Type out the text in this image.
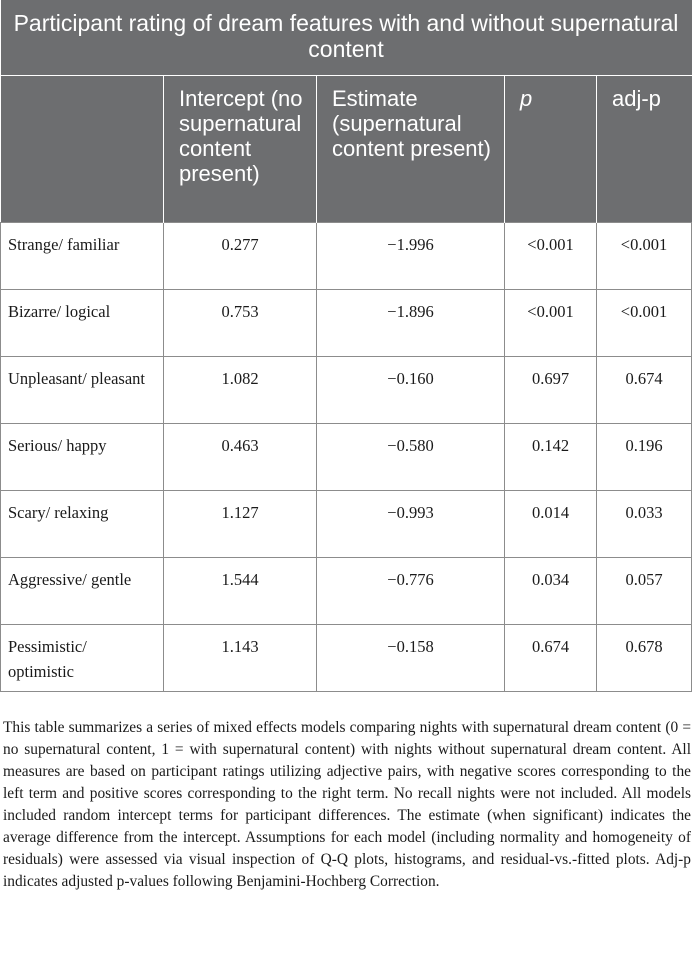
Participant rating of dream features with and without supernatural content				
	Intercept (no supernatural content present)	Estimate (supernatural content present)	p	adj-p
Strange/ familiar	0.277	−1.996	<0.001	<0.001
Bizarre/ logical	0.753	−1.896	<0.001	<0.001
Unpleasant/ pleasant	1.082	−0.160	0.697	0.674
Serious/ happy	0.463	−0.580	0.142	0.196
Scary/ relaxing	1.127	−0.993	0.014	0.033
Aggressive/ gentle	1.544	−0.776	0.034	0.057
Pessimistic/ optimistic	1.143	−0.158	0.674	0.678

This table summarizes a series of mixed effects models comparing nights with supernatural dream content (0 = no supernatural content, 1 = with supernatural content) with nights without supernatural dream content. All measures are based on participant ratings utilizing adjective pairs, with negative scores corresponding to the left term and positive scores corresponding to the right term. No recall nights were not included. All models included random intercept terms for participant differences. The estimate (when significant) indicates the average difference from the intercept. Assumptions for each model (including normality and homogeneity of residuals) were assessed via visual inspection of Q-Q plots, histograms, and residual-vs.-fitted plots. Adj-p indicates adjusted p-values following Benjamini-Hochberg Correction.
